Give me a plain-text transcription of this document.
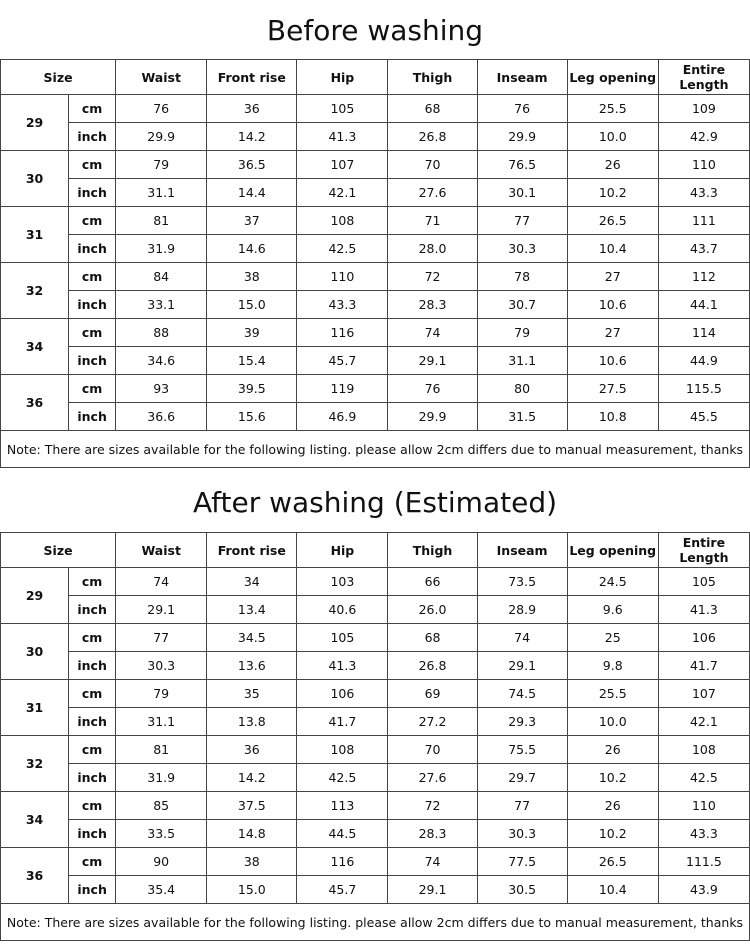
Before washing
Size		Waist	Front rise	Hip	Thigh	Inseam	Leg opening	Entire Length
29	cm	76	36	105	68	76	25.5	109
	inch	29.9	14.2	41.3	26.8	29.9	10.0	42.9
30	cm	79	36.5	107	70	76.5	26	110
	inch	31.1	14.4	42.1	27.6	30.1	10.2	43.3
31	cm	81	37	108	71	77	26.5	111
	inch	31.9	14.6	42.5	28.0	30.3	10.4	43.7
32	cm	84	38	110	72	78	27	112
	inch	33.1	15.0	43.3	28.3	30.7	10.6	44.1
34	cm	88	39	116	74	79	27	114
	inch	34.6	15.4	45.7	29.1	31.1	10.6	44.9
36	cm	93	39.5	119	76	80	27.5	115.5
	inch	36.6	15.6	46.9	29.9	31.5	10.8	45.5
Note: There are sizes available for the following listing. please allow 2cm differs due to manual measurement, thanks								
After washing (Estimated)
Size		Waist	Front rise	Hip	Thigh	Inseam	Leg opening	Entire Length
29	cm	74	34	103	66	73.5	24.5	105
	inch	29.1	13.4	40.6	26.0	28.9	9.6	41.3
30	cm	77	34.5	105	68	74	25	106
	inch	30.3	13.6	41.3	26.8	29.1	9.8	41.7
31	cm	79	35	106	69	74.5	25.5	107
	inch	31.1	13.8	41.7	27.2	29.3	10.0	42.1
32	cm	81	36	108	70	75.5	26	108
	inch	31.9	14.2	42.5	27.6	29.7	10.2	42.5
34	cm	85	37.5	113	72	77	26	110
	inch	33.5	14.8	44.5	28.3	30.3	10.2	43.3
36	cm	90	38	116	74	77.5	26.5	111.5
	inch	35.4	15.0	45.7	29.1	30.5	10.4	43.9
Note: There are sizes available for the following listing. please allow 2cm differs due to manual measurement, thanks								
